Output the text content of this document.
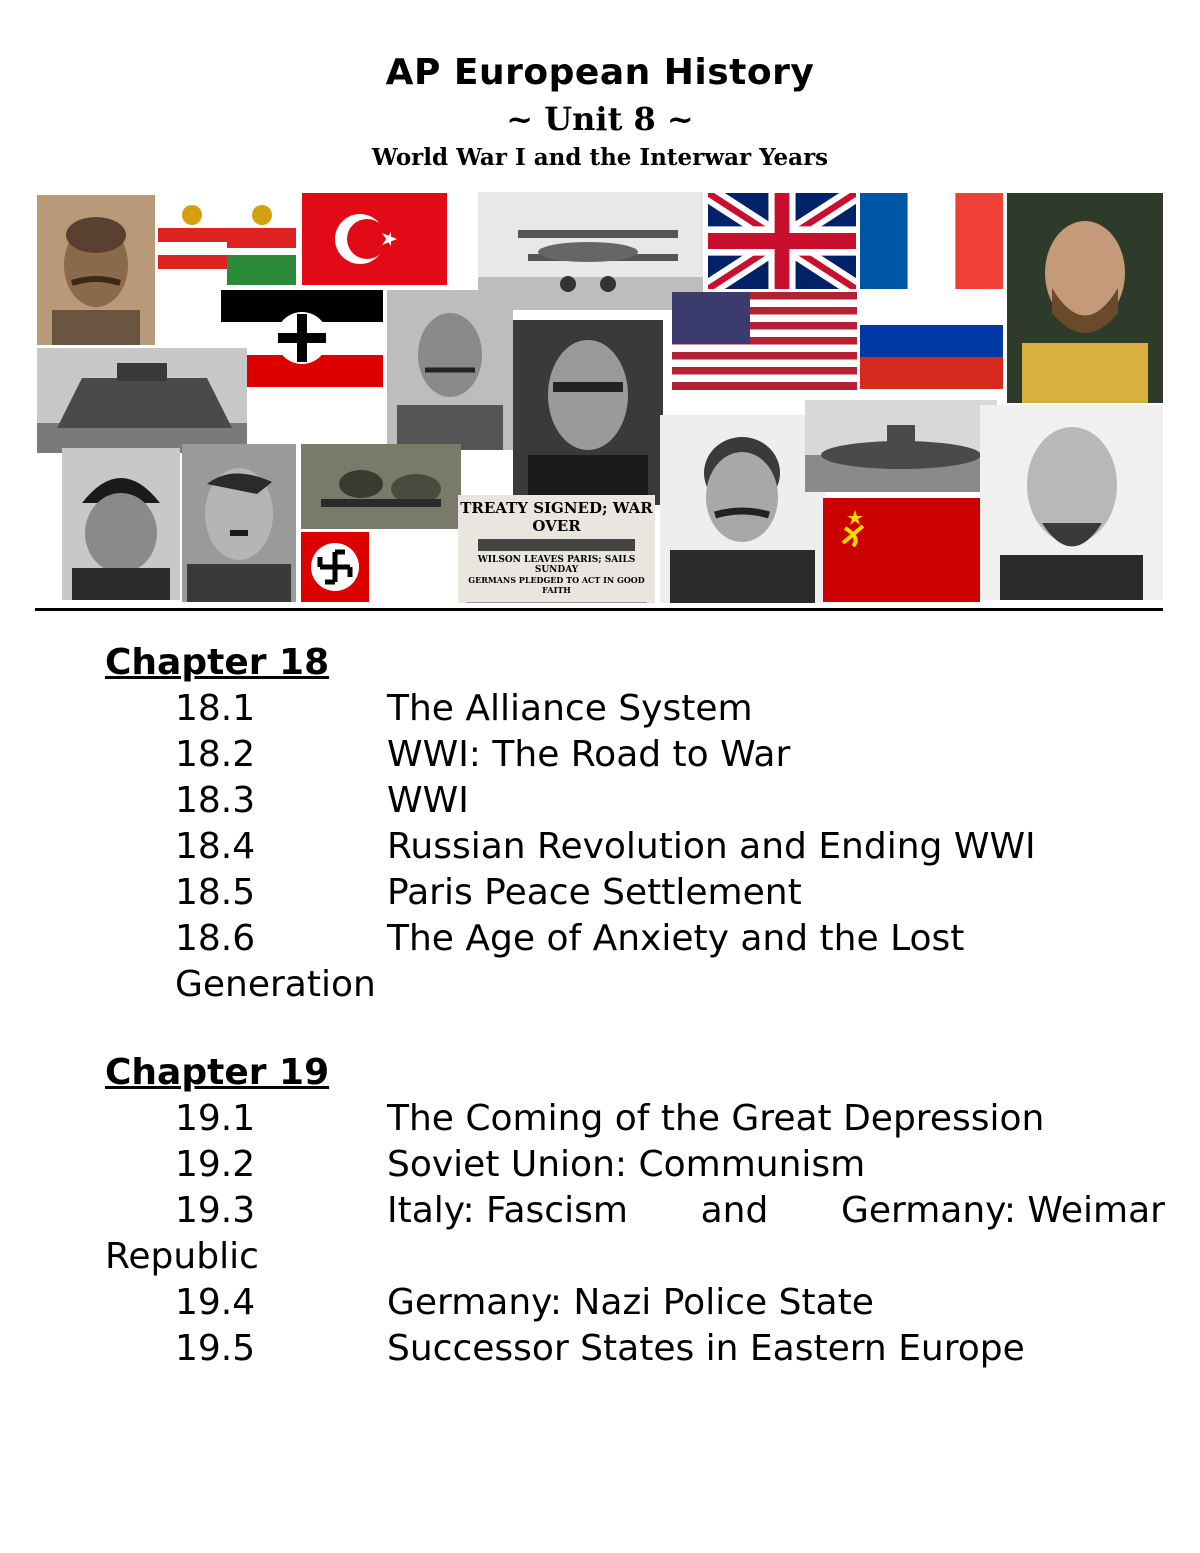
AP European History
~ Unit 8 ~
World War I and the Interwar Years
TREATY SIGNED; WAR OVER
WILSON LEAVES PARIS; SAILS SUNDAY
GERMANS PLEDGED TO ACT IN GOOD FAITH
Chapter 18
18.1	The Alliance System
18.2	WWI: The Road to War
18.3	WWI
18.4	Russian Revolution and Ending WWI
18.5	Paris Peace Settlement
18.6	The Age of Anxiety and the Lost
Generation
Chapter 19
19.1	The Coming of the Great Depression
19.2	Soviet Union: Communism
19.3	Italy: Fascism and Germany: Weimar
Republic
19.4	Germany: Nazi Police State
19.5	Successor States in Eastern Europe
